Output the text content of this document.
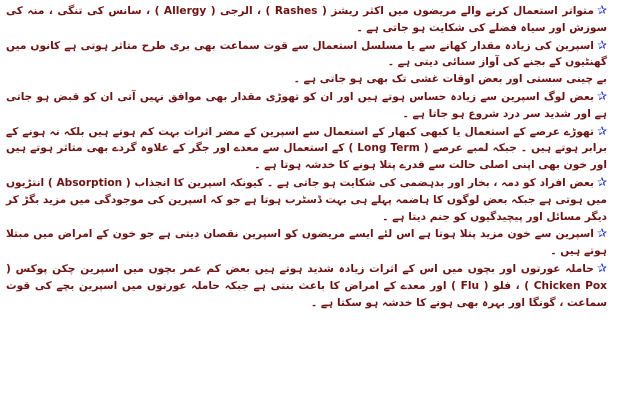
✰متواتر استعمال کرنے والے مریضوں میں اکثر ریشز ( Rashes ) ، الرجی ( Allergy ) ، سانس کی تنگی ، منہ کی سوزش اور سیاہ فضلے کی شکایت ہو جاتی ہے ۔

✰اسپرین کی زیادہ مقدار کھانے سے یا مسلسل استعمال سے قوت سماعت بھی بری طرح متاثر ہوتی ہے کانوں میں گھنٹیوں کے بجنے کی آواز سنائی دیتی ہے ۔

بے چینی سستی اور بعض اوقات غشی تک بھی ہو جاتی ہے ۔

✰بعض لوگ اسپرین سے زیادہ حساس ہوتے ہیں اور ان کو تھوڑی مقدار بھی موافق نہیں آتی ان کو قبض ہو جاتی ہے اور شدید سر درد شروع ہو جاتا ہے ۔

✰تھوڑے عرصے کے استعمال یا کبھی کبھار کے استعمال سے اسپرین کے مضر اثرات بہت کم ہوتے ہیں بلکہ نہ ہونے کے برابر ہوتے ہیں ۔ جبکہ لمبے عرصے ( Long Term ) کے استعمال سے معدے اور جگر کے علاوہ گردے بھی متاثر ہوتے ہیں اور خون بھی اپنی اصلی حالت سے قدرے پتلا ہونے کا خدشہ ہوتا ہے ۔

✰بعض افراد کو دمہ ، بخار اور بدہضمی کی شکایت ہو جاتی ہے ۔ کیونکہ اسپرین کا انجذاب ( Absorption ) انتڑیوں میں ہوتی ہے جبکہ بعض لوگوں کا ہاضمہ پہلے ہی بہت ڈسٹرب ہوتا ہے جو کہ اسپرین کی موجودگی میں مزید بگڑ کر دیگر مسائل اور پیچیدگیوں کو جنم دیتا ہے ۔

✰اسپرین سے خون مزید پتلا ہوتا ہے اس لئے ایسے مریضوں کو اسپرین نقصان دیتی ہے جو خون کے امراض میں مبتلا ہوتے ہیں ۔

✰حاملہ عورتوں اور بچوں میں اس کے اثرات زیادہ شدید ہوتے ہیں بعض کم عمر بچوں میں اسپرین چکن پوکس ( Chicken Pox ) ، فلو ( Flu ) اور معدے کے امراض کا باعث بنتی ہے جبکہ حاملہ عورتوں میں اسپرین بچے کی قوت سماعت ، گونگا اور بہرہ بھی ہونے کا خدشہ ہو سکتا ہے ۔
